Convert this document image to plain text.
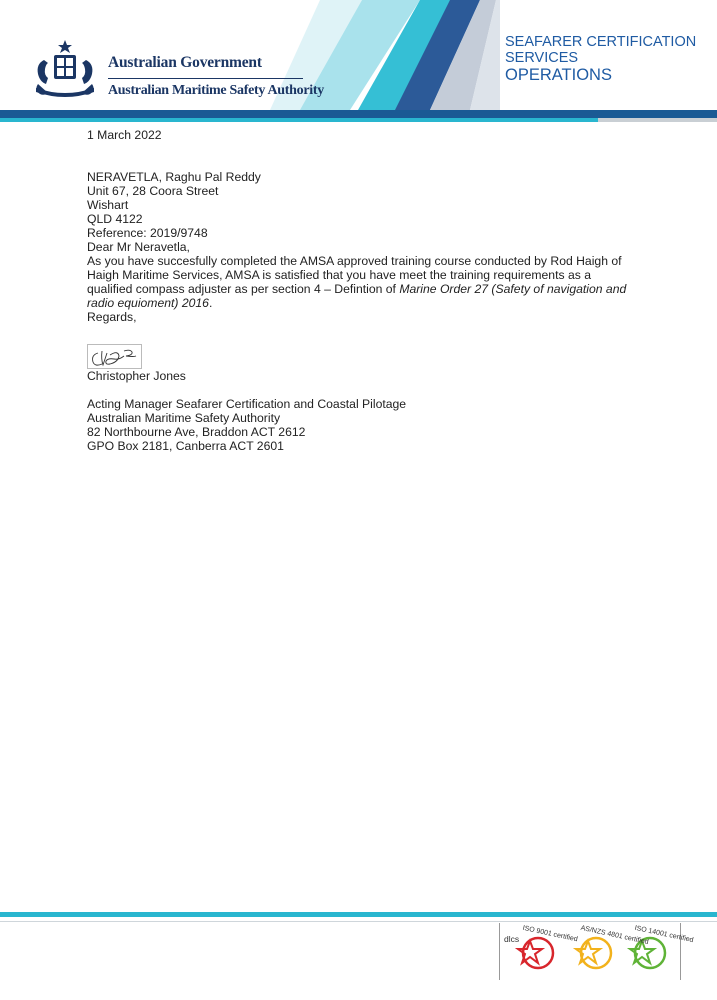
Australian Government
Australian Maritime Safety Authority
SEAFARER CERTIFICATION
SERVICES
OPERATIONS

1 March 2022

NERAVETLA, Raghu Pal Reddy

Unit 67, 28 Coora Street

Wishart

QLD 4122

Reference: 2019/9748

Dear Mr Neravetla,

As you have succesfully completed the AMSA approved training course conducted by Rod Haigh of Haigh Maritime Services, AMSA is satisfied that you have meet the training requirements as a qualified compass adjuster as per section 4 – Defintion of Marine Order 27 (Safety of navigation and radio equioment) 2016.

Regards,

Christopher Jones

Acting Manager Seafarer Certification and Coastal Pilotage

Australian Maritime Safety Authority

82 Northbourne Ave, Braddon ACT 2612

GPO Box 2181, Canberra ACT 2601

dlcs ISO 9001 certified AS/NZS 4801 certified
ISO 14001 certified
